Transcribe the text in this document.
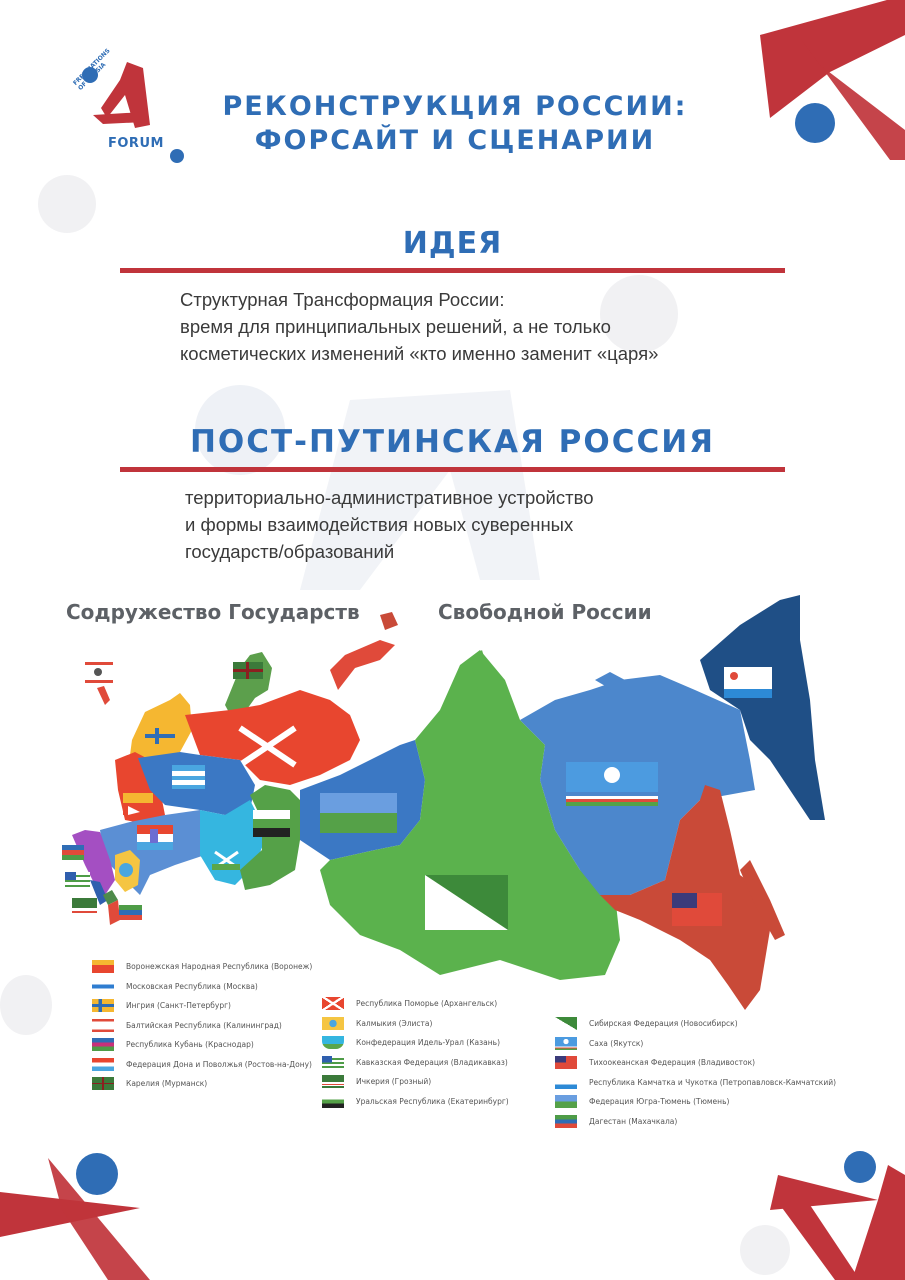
FREE NATIONS OF RUSSIA
FORUM
РЕКОНСТРУКЦИЯ РОССИИ:
ФОРСАЙТ И СЦЕНАРИИ
ИДЕЯ
Структурная Трансформация России:
время для принципиальных решений, а не только
косметических изменений «кто именно заменит «царя»
ПОСТ-ПУТИНСКАЯ РОССИЯ
территориально-административное устройство
и формы взаимодействия новых суверенных
государств/образований
Содружество Государств	Свободной России
Воронежская Народная Республика (Воронеж)
Московская Республика (Москва)
Ингрия (Санкт-Петербург)
Балтийская Республика (Калининград)
Республика Кубань (Краснодар)
Федерация Дона и Поволжья (Ростов-на-Дону)
Карелия (Мурманск)
Республика Поморье (Архангельск)
Калмыкия (Элиста)
Конфедерация Идель-Урал (Казань)
Кавказская Федерация (Владикавказ)
Ичкерия (Грозный)
Уральская Республика (Екатеринбург)
Сибирская Федерация (Новосибирск)
Саха (Якутск)
Тихоокеанская Федерация (Владивосток)
Республика Камчатка и Чукотка (Петропавловск-Камчатский)
Федерация Югра-Тюмень (Тюмень)
Дагестан (Махачкала)
